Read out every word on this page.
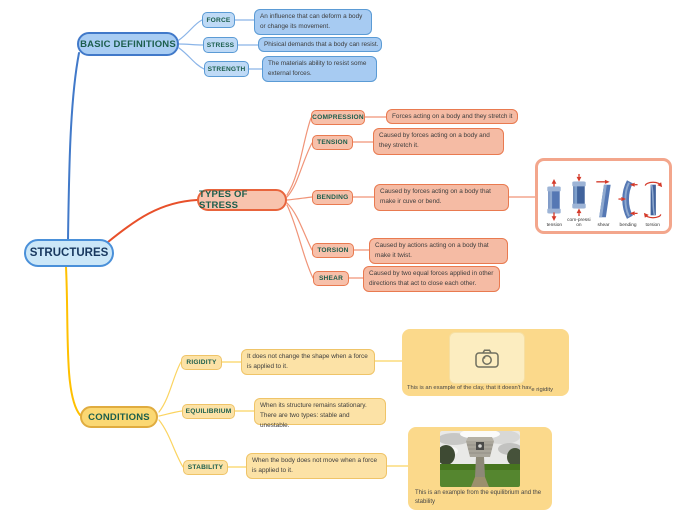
STRUCTURES
BASIC DEFINITIONS
TYPES OF STRESS
CONDITIONS
FORCE	An influence that can deform a body or change its movement.
STRESS	Phisical demands that a body can resist.
STRENGTH
The materials ability to resist some external forces.
COMPRESSION	Forces acting on a body and they stretch it
TENSION
Caused by forces acting on a body and they stretch it.
BENDING
Caused by forces acting on a body that make ir cuve or bend.
TORSION
Caused by actions acting on a body that make it twist.
SHEAR
Caused by two equal forces applied in other directions that act to close each other.
tension
com-pression	shear bending torsion
RIGIDITY
It does not change the shape when a force is applied to it.
EQUILIBRIUM
When its structure remains stationary. There are two types: stable and unestable.
STABILITY
When the body does not move when a force is applied to it.
This is an example of the clay, that it doesn't have rigidity
This is an example from the equilibrium and the stability
